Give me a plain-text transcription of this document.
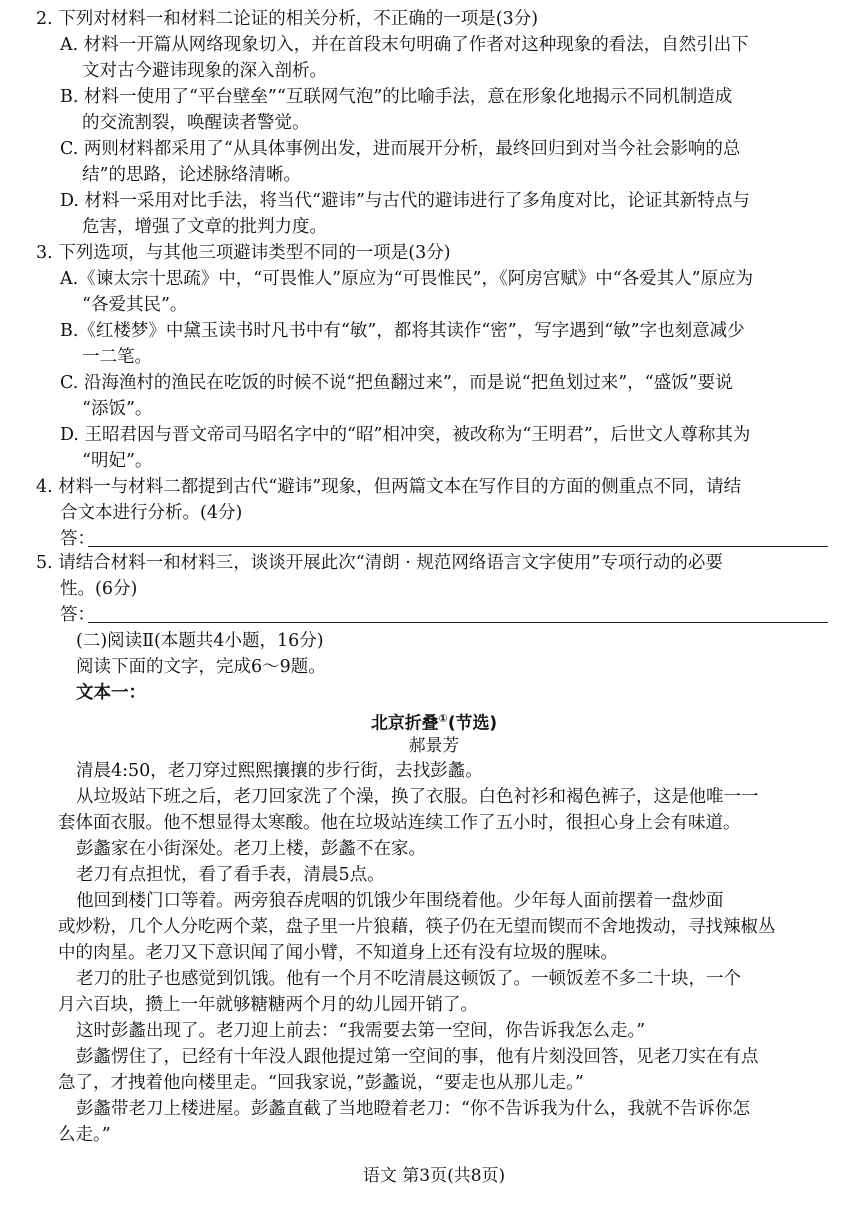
2. 下列对材料一和材料二论证的相关分析，不正确的一项是(3分)
A. 材料一开篇从网络现象切入，并在首段末句明确了作者对这种现象的看法，自然引出下
文对古今避讳现象的深入剖析。
B. 材料一使用了“平台壁垒”“互联网气泡”的比喻手法，意在形象化地揭示不同机制造成
的交流割裂，唤醒读者警觉。
C. 两则材料都采用了“从具体事例出发，进而展开分析，最终回归到对当今社会影响的总
结”的思路，论述脉络清晰。
D. 材料一采用对比手法，将当代“避讳”与古代的避讳进行了多角度对比，论证其新特点与
危害，增强了文章的批判力度。
3. 下列选项，与其他三项避讳类型不同的一项是(3分)
A.《谏太宗十思疏》中，“可畏惟人”原应为“可畏惟民”，《阿房宫赋》中“各爱其人”原应为
“各爱其民”。
B.《红楼梦》中黛玉读书时凡书中有“敏”，都将其读作“密”，写字遇到“敏”字也刻意减少
一二笔。
C. 沿海渔村的渔民在吃饭的时候不说“把鱼翻过来”，而是说“把鱼划过来”，“盛饭”要说
“添饭”。
D. 王昭君因与晋文帝司马昭名字中的“昭”相冲突，被改称为“王明君”，后世文人尊称其为
“明妃”。
4. 材料一与材料二都提到古代“避讳”现象，但两篇文本在写作目的方面的侧重点不同，请结
合文本进行分析。(4分)
答：
5. 请结合材料一和材料三，谈谈开展此次“清朗 · 规范网络语言文字使用”专项行动的必要
性。(6分)
答：
(二)阅读Ⅱ(本题共4小题，16分)
阅读下面的文字，完成6～9题。
文本一：
北京折叠①(节选)
郝景芳
清晨4:50，老刀穿过熙熙攘攘的步行街，去找彭蠡。
从垃圾站下班之后，老刀回家洗了个澡，换了衣服。白色衬衫和褐色裤子，这是他唯一一
套体面衣服。他不想显得太寒酸。他在垃圾站连续工作了五小时，很担心身上会有味道。
彭蠡家在小街深处。老刀上楼，彭蠡不在家。
老刀有点担忧，看了看手表，清晨5点。
他回到楼门口等着。两旁狼吞虎咽的饥饿少年围绕着他。少年每人面前摆着一盘炒面
或炒粉，几个人分吃两个菜，盘子里一片狼藉，筷子仍在无望而锲而不舍地拨动，寻找辣椒丛
中的肉星。老刀又下意识闻了闻小臂，不知道身上还有没有垃圾的腥味。
老刀的肚子也感觉到饥饿。他有一个月不吃清晨这顿饭了。一顿饭差不多二十块，一个
月六百块，攒上一年就够糖糖两个月的幼儿园开销了。
这时彭蠡出现了。老刀迎上前去：“我需要去第一空间，你告诉我怎么走。”
彭蠡愣住了，已经有十年没人跟他提过第一空间的事，他有片刻没回答，见老刀实在有点
急了，才拽着他向楼里走。“回我家说，”彭蠡说，“要走也从那儿走。”
彭蠡带老刀上楼进屋。彭蠡直截了当地瞪着老刀：“你不告诉我为什么，我就不告诉你怎
么走。”
语文 第3页(共8页)
